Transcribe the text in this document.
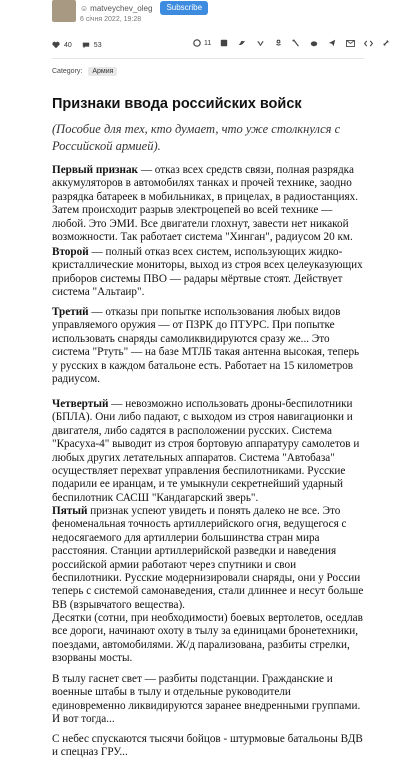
☺ matveychev_oleg	Subscribe
6 січня 2022, 19:28
40	53	11
Category:	Армия
Признаки ввода российских войск

(Пособие для тех, кто думает, что уже столкнулся с Российской армией).

Первый признак — отказ всех средств связи, полная разрядка аккумуляторов в автомобилях танках и прочей технике, заодно разрядка батареек в мобильниках, в прицелах, в радиостанциях. Затем происходит разрыв электроцепей во всей технике — любой. Это ЭМИ. Все двигатели глохнут, завести нет никакой возможности. Так работает система "Хинган", радиусом 20 км.

Второй — полный отказ всех систем, использующих жидко-кристаллические мониторы, выход из строя всех целеуказующих приборов системы ПВО — радары мёртвые стоят. Действует система "Альтаир".

Третий — отказы при попытке использования любых видов управляемого оружия — от ПЗРК до ПТУРС. При попытке использовать снаряды самоликвидируются сразу же... Это система "Ртуть" — на базе МТЛБ такая антенна высокая, теперь у русских в каждом батальоне есть. Работает на 15 километров радиусом.

Четвертый — невозможно использовать дроны-беспилотники (БПЛА). Они либо падают, с выходом из строя навигационки и двигателя, либо садятся в расположении русских. Система "Красуха-4" выводит из строя бортовую аппаратуру самолетов и любых других летательных аппаратов. Система "Автобаза" осуществляет перехват управления беспилотниками. Русские подарили ее иранцам, и те умыкнули секретнейший ударный беспилотник САСШ "Кандагарский зверь".

Пятый признак успеют увидеть и понять далеко не все. Это феноменальная точность артиллерийского огня, ведущегося с недосягаемого для артиллерии большинства стран мира расстояния. Станции артиллерийской разведки и наведения российской армии работают через спутники и свои беспилотники. Русские модернизировали снаряды, они у России теперь с системой самонаведения, стали длиннее и несут больше ВВ (взрывчатого вещества).

Десятки (сотни, при необходимости) боевых вертолетов, оседлав все дороги, начинают охоту в тылу за единицами бронетехники, поездами, автомобилями. Ж/д парализована, разбиты стрелки, взорваны мосты.

В тылу гаснет свет — разбиты подстанции. Гражданские и военные штабы в тылу и отдельные руководители единовременно ликвидируются заранее внедренными группами. И вот тогда...

С небес спускаются тысячи бойцов - штурмовые батальоны ВДВ и спецназ ГРУ...
